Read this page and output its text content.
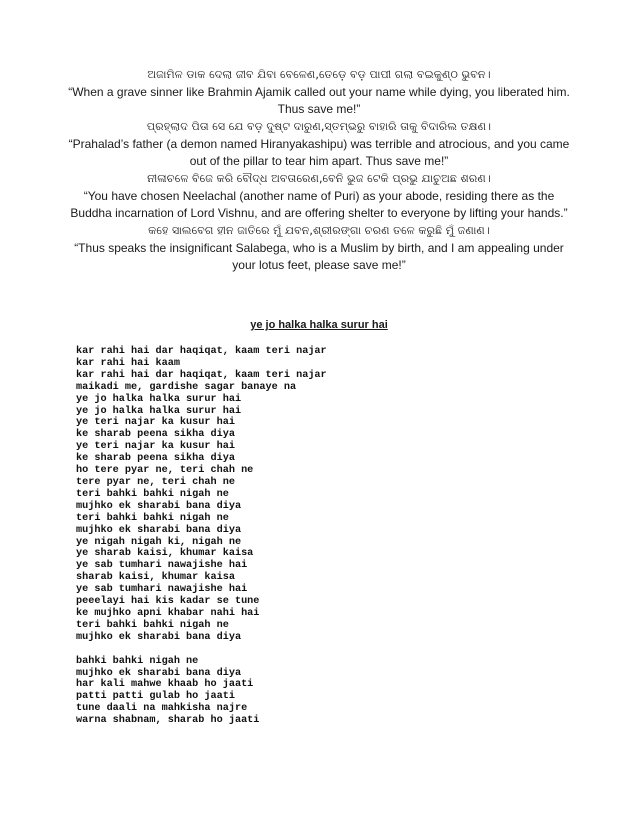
ଅଜାମିଳ ଡାକ ଦେଲା ଜୀବ ଯିବା ବେଳେଣ,ତେଡ଼େ ବଡ଼ ପାପୀ ଗଲା ବଇକୁଣ୍ଠ ଭୁବନ।

“When a grave sinner like Brahmin Ajamik called out your name while dying, you liberated him. Thus save me!”

ପ୍ରହ୍ଲାଦ ପିତା ସେ ଯେ ବଡ଼ ଦୁଷ୍ଟ ଦାରୁଣ,ସ୍ତମ୍ଭରୁ ବାହାରି ତାକୁ ବିଦାରିଲ ତକ୍ଷଣ।

“Prahalad’s father (a demon named Hiranyakashipu) was terrible and atrocious, and you came out of the pillar to tear him apart. Thus save me!”

ନୀଳାଚଳେ ବିଜେ କରି ବୌଦ୍ଧ ଅବତାରେଣ,ବେନି ଭୁଜ ଟେକି ପ୍ରଭୁ ଯାଚୁଅଛ ଶରଣ।

“You have chosen Neelachal (another name of Puri) as your abode, residing there as the Buddha incarnation of Lord Vishnu, and are offering shelter to everyone by lifting your hands.”

କହେ ସାଲବେଗ ହୀନ ଜାତିରେ ମୁଁ ଯବନ,ଶ୍ରୀରଙ୍ଗା ଚରଣ ତଳେ କରୁଛି ମୁଁ ଜଣାଣ।

“Thus speaks the insignificant Salabega, who is a Muslim by birth, and I am appealing under your lotus feet, please save me!”

ye jo halka halka surur hai

kar rahi hai dar haqiqat, kaam teri najar
kar rahi hai kaam
kar rahi hai dar haqiqat, kaam teri najar
maikadi me, gardishe sagar banaye na
ye jo halka halka surur hai
ye jo halka halka surur hai
ye teri najar ka kusur hai
ke sharab peena sikha diya
ye teri najar ka kusur hai
ke sharab peena sikha diya
ho tere pyar ne, teri chah ne
tere pyar ne, teri chah ne
teri bahki bahki nigah ne
mujhko ek sharabi bana diya
teri bahki bahki nigah ne
mujhko ek sharabi bana diya
ye nigah nigah ki, nigah ne
ye sharab kaisi, khumar kaisa
ye sab tumhari nawajishe hai
sharab kaisi, khumar kaisa
ye sab tumhari nawajishe hai
peeelayi hai kis kadar se tune
ke mujhko apni khabar nahi hai
teri bahki bahki nigah ne
mujhko ek sharabi bana diya
bahki bahki nigah ne
mujhko ek sharabi bana diya
har kali mahwe khaab ho jaati
patti patti gulab ho jaati
tune daali na mahkisha najre
warna shabnam, sharab ho jaati
